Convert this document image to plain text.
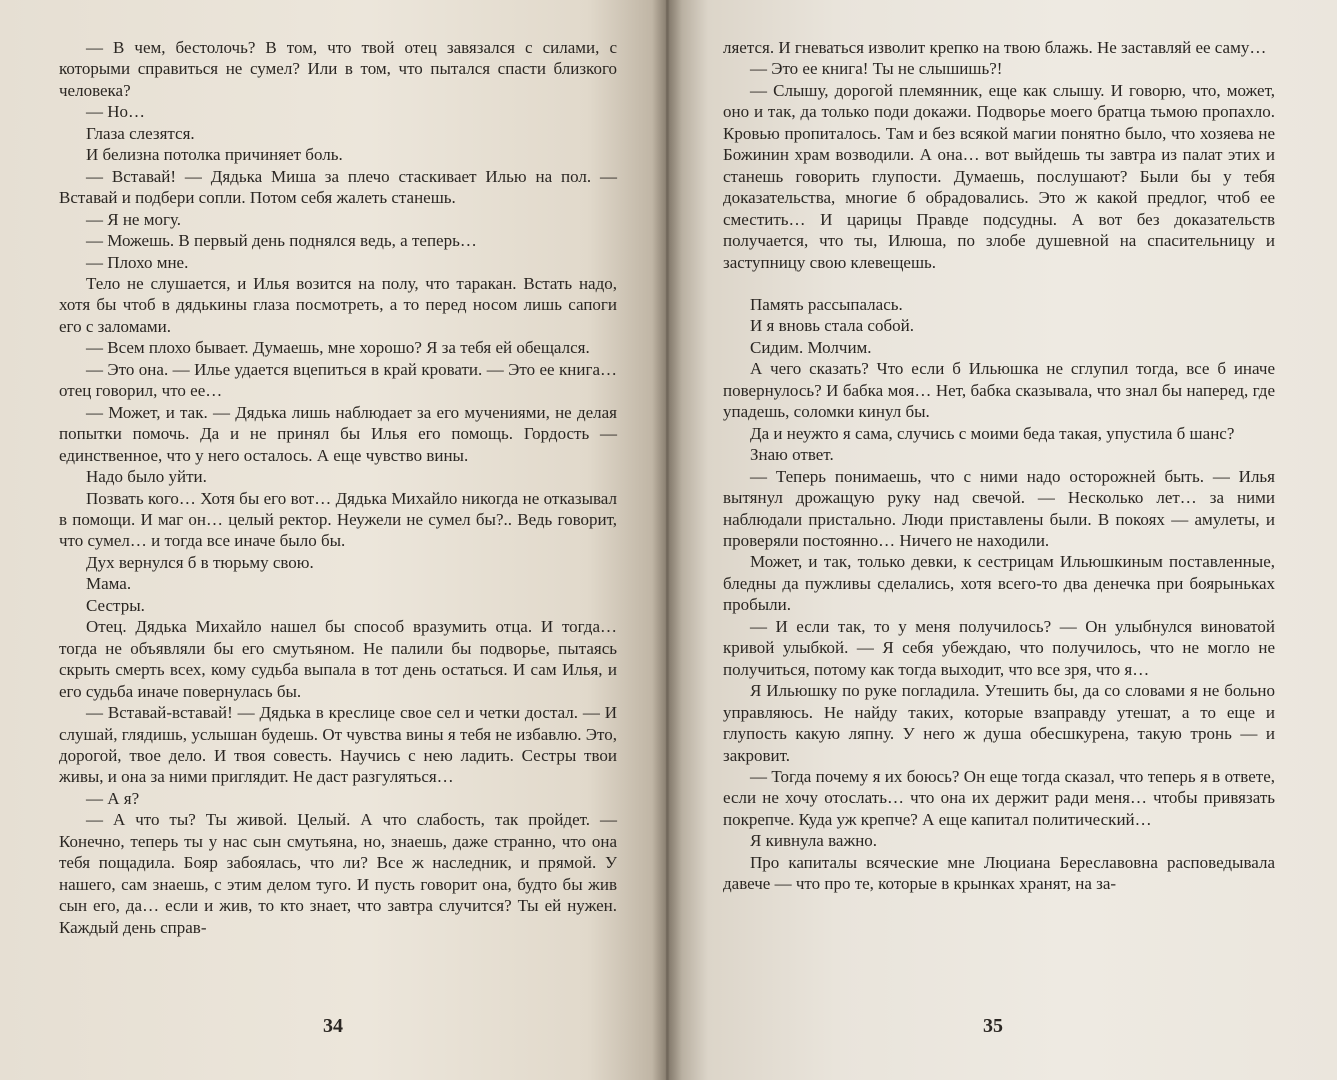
— В чем, бестолочь? В том, что твой отец завязался с силами, с которыми справиться не сумел? Или в том, что пытался спасти близкого человека?

— Но…

Глаза слезятся.

И белизна потолка причиняет боль.

— Вставай! — Дядька Миша за плечо стаскивает Илью на пол. — Вставай и подбери сопли. Потом себя жалеть станешь.

— Я не могу.

— Можешь. В первый день поднялся ведь, а теперь…

— Плохо мне.

Тело не слушается, и Илья возится на полу, что таракан. Встать надо, хотя бы чтоб в дядькины глаза посмотреть, а то перед носом лишь сапоги его с заломами.

— Всем плохо бывает. Думаешь, мне хорошо? Я за тебя ей обещался.

— Это она. — Илье удается вцепиться в край кровати. — Это ее книга… отец говорил, что ее…

— Может, и так. — Дядька лишь наблюдает за его мучениями, не делая попытки помочь. Да и не принял бы Илья его помощь. Гордость — единственное, что у него осталось. А еще чувство вины.

Надо было уйти.

Позвать кого… Хотя бы его вот… Дядька Михайло никогда не отказывал в помощи. И маг он… целый ректор. Неужели не сумел бы?.. Ведь говорит, что сумел… и тогда все иначе было бы.

Дух вернулся б в тюрьму свою.

Мама.

Сестры.

Отец. Дядька Михайло нашел бы способ вразумить отца. И тогда… тогда не объявляли бы его смутьяном. Не палили бы подворье, пытаясь скрыть смерть всех, кому судьба выпала в тот день остаться. И сам Илья, и его судьба иначе повернулась бы.

— Вставай-вставай! — Дядька в креслице свое сел и четки достал. — И слушай, глядишь, услышан будешь. От чувства вины я тебя не избавлю. Это, дорогой, твое дело. И твоя совесть. Научись с нею ладить. Сестры твои живы, и она за ними приглядит. Не даст разгуляться…

— А я?

— А что ты? Ты живой. Целый. А что слабость, так пройдет. — Конечно, теперь ты у нас сын смутьяна, но, знаешь, даже странно, что она тебя пощадила. Бояр забоялась, что ли? Все ж наследник, и прямой. У нашего, сам знаешь, с этим делом туго. И пусть говорит она, будто бы жив сын его, да… если и жив, то кто знает, что завтра случится? Ты ей нужен. Каждый день справ-

34

ляется. И гневаться изволит крепко на твою блажь. Не заставляй ее саму…

— Это ее книга! Ты не слышишь?!

— Слышу, дорогой племянник, еще как слышу. И говорю, что, может, оно и так, да только поди докажи. Подворье моего братца тьмою пропахло. Кровью пропиталось. Там и без всякой магии понятно было, что хозяева не Божинин храм возводили. А она… вот выйдешь ты завтра из палат этих и станешь говорить глупости. Думаешь, послушают? Были бы у тебя доказательства, многие б обрадовались. Это ж какой предлог, чтоб ее сместить… И царицы Правде подсудны. А вот без доказательств получается, что ты, Илюша, по злобе душевной на спасительницу и заступницу свою клевещешь.

Память рассыпалась.

И я вновь стала собой.

Сидим. Молчим.

А чего сказать? Что если б Ильюшка не сглупил тогда, все б иначе повернулось? И бабка моя… Нет, бабка сказывала, что знал бы наперед, где упадешь, соломки кинул бы.

Да и неужто я сама, случись с моими беда такая, упустила б шанс?

Знаю ответ.

— Теперь понимаешь, что с ними надо осторожней быть. — Илья вытянул дрожащую руку над свечой. — Несколько лет… за ними наблюдали пристально. Люди приставлены были. В покоях — амулеты, и проверяли постоянно… Ничего не находили.

Может, и так, только девки, к сестрицам Ильюшкиным поставленные, бледны да пужливы сделались, хотя всего-то два денечка при боярыньках пробыли.

— И если так, то у меня получилось? — Он улыбнулся виноватой кривой улыбкой. — Я себя убеждаю, что получилось, что не могло не получиться, потому как тогда выходит, что все зря, что я…

Я Ильюшку по руке погладила. Утешить бы, да со словами я не больно управляюсь. Не найду таких, которые взаправду утешат, а то еще и глупость какую ляпну. У него ж душа обесшкурена, такую тронь — и закровит.

— Тогда почему я их боюсь? Он еще тогда сказал, что теперь я в ответе, если не хочу отослать… что она их держит ради меня… чтобы привязать покрепче. Куда уж крепче? А еще капитал политический…

Я кивнула важно.

Про капиталы всяческие мне Люциана Береславовна расповедывала давече — что про те, которые в крынках хранят, на за-

35
